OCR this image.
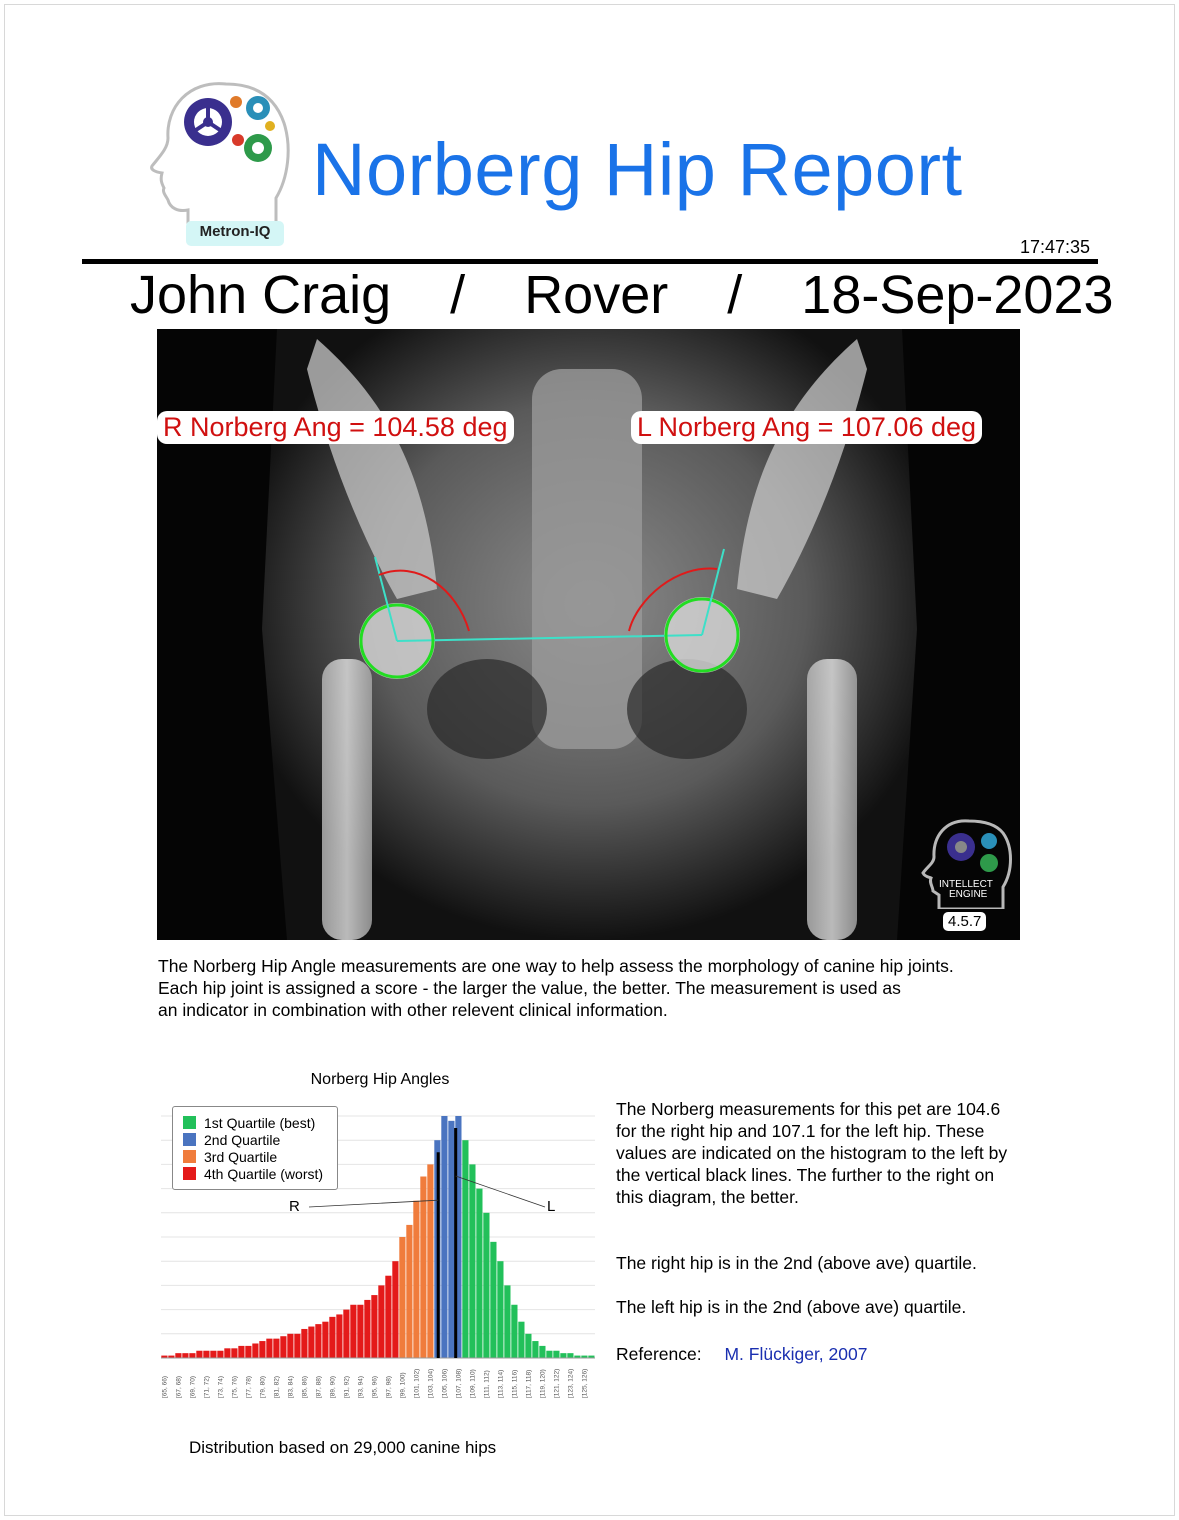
Metron-IQ
Norberg Hip Report
17:47:35
John Craig / Rover / 18-Sep-2023
R Norberg Ang = 104.58 deg	L Norberg Ang = 107.06 deg
INTELLECT
ENGINE
4.5.7
The Norberg Hip Angle measurements are one way to help assess the morphology of canine hip joints.
Each hip joint is assigned a score - the larger the value, the better. The measurement is used as
an indicator in combination with other relevent clinical information.
Norberg Hip Angles
[65, 66) [67, 68) [69, 70) [71, 72) [73, 74) [75, 76) [77, 78) [79, 80) [81, 82) [83, 84) [85, 86) [87, 88) [89, 90) [91, 92) [93, 94) [95, 96) [97, 98) [99, 100) [101, 102) [103, 104) [105, 106) [107, 108) [109, 110) [111, 112) [113, 114) [115, 116) [117, 118) [119, 120) [121, 122) [123, 124) [125, 126)
R	L
1st Quartile (best)
2nd Quartile
3rd Quartile
4th Quartile (worst)
Distribution based on 29,000 canine hips
The Norberg measurements for this pet are 104.6
for the right hip and 107.1 for the left hip. These
values are indicated on the histogram to the left by
the vertical black lines. The further to the right on
this diagram, the better.
The right hip is in the 2nd (above ave) quartile.
The left hip is in the 2nd (above ave) quartile.
Reference: M. Flückiger, 2007
